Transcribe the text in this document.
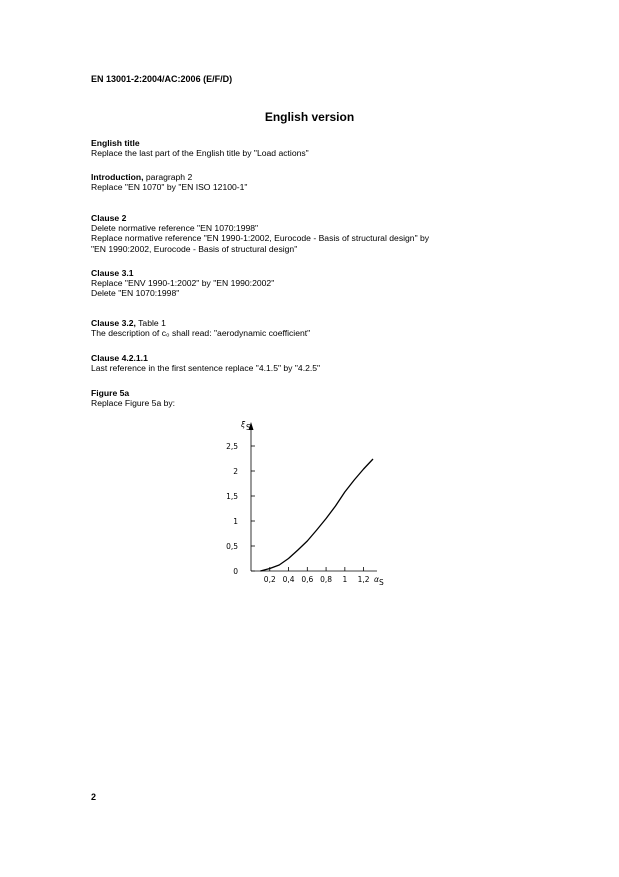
EN 13001-2:2004/AC:2006 (E/F/D)
English version
English title
Replace the last part of the English title by "Load actions"
Introduction, paragraph 2
Replace "EN 1070" by "EN ISO 12100-1"
Clause 2
Delete normative reference "EN 1070:1998"
Replace normative reference "EN 1990-1:2002, Eurocode - Basis of structural design" by
"EN 1990:2002, Eurocode - Basis of structural design"
Clause 3.1
Replace "ENV 1990-1:2002" by "EN 1990:2002"
Delete "EN 1070:1998"
Clause 3.2, Table 1
The description of c₀ shall read: "aerodynamic coefficient"
Clause 4.2.1.1
Last reference in the first sentence replace "4.1.5" by "4.2.5"
Figure 5a
Replace Figure 5a by:
0,2 0,4 0,6 0,8 1 1,2
0
0,5
1
1,5
2
2,5
ξ S
α S
2
